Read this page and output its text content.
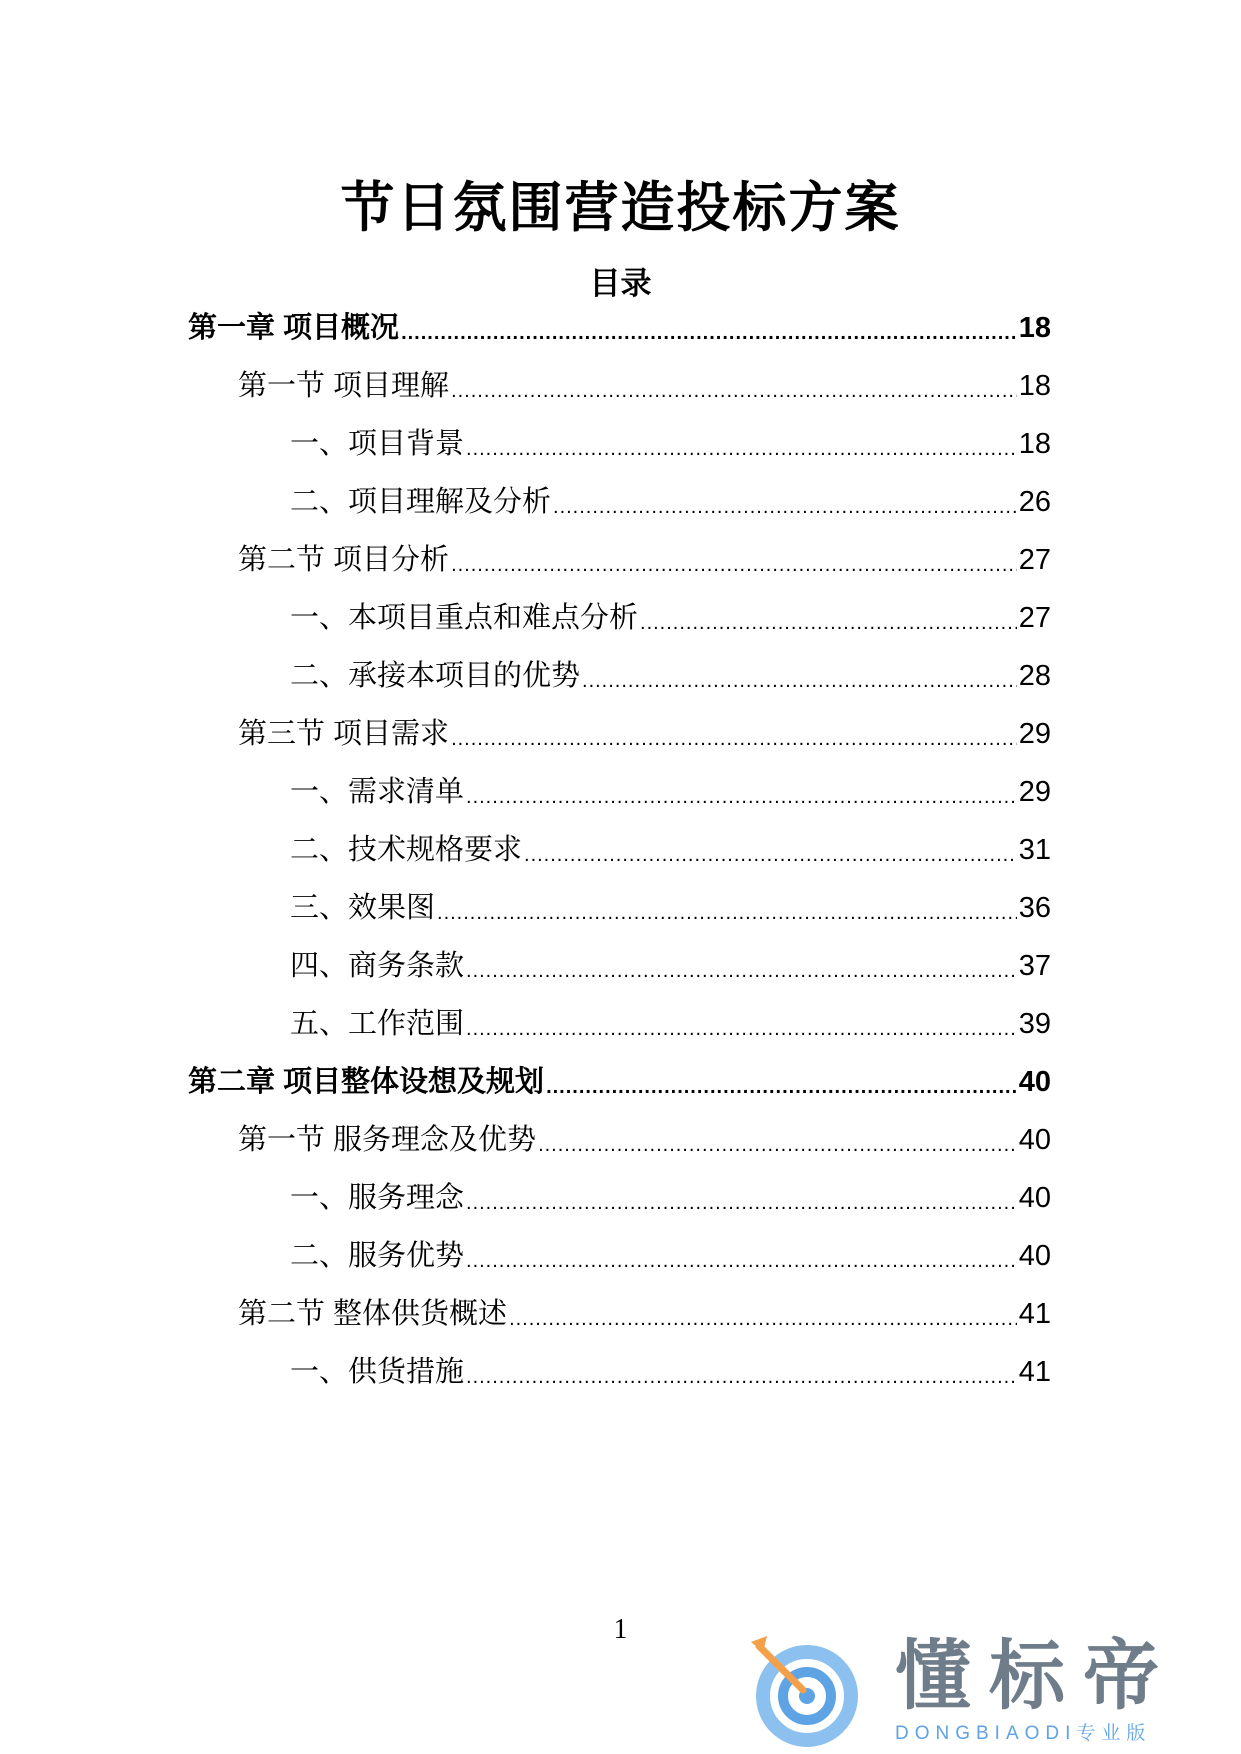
节日氛围营造投标方案
目录
第一章 项目概况 .....	18
第一节 项目理解 .....	18
一、项目背景 .....	18
二、项目理解及分析 .....	26
第二节 项目分析 .....	27
一、本项目重点和难点分析 .....	27
二、承接本项目的优势 .....	28
第三节 项目需求 .....	29
一、需求清单 .....	29
二、技术规格要求 .....	31
三、效果图 .....	36
四、商务条款 .....	37
五、工作范围 .....	39
第二章 项目整体设想及规划 .....	40
第一节 服务理念及优势 .....	40
一、服务理念 .....	40
二、服务优势 .....	40
第二节 整体供货概述 .....	41
一、供货措施 .....	41
1
懂标帝
DONGBIAODI专业版
